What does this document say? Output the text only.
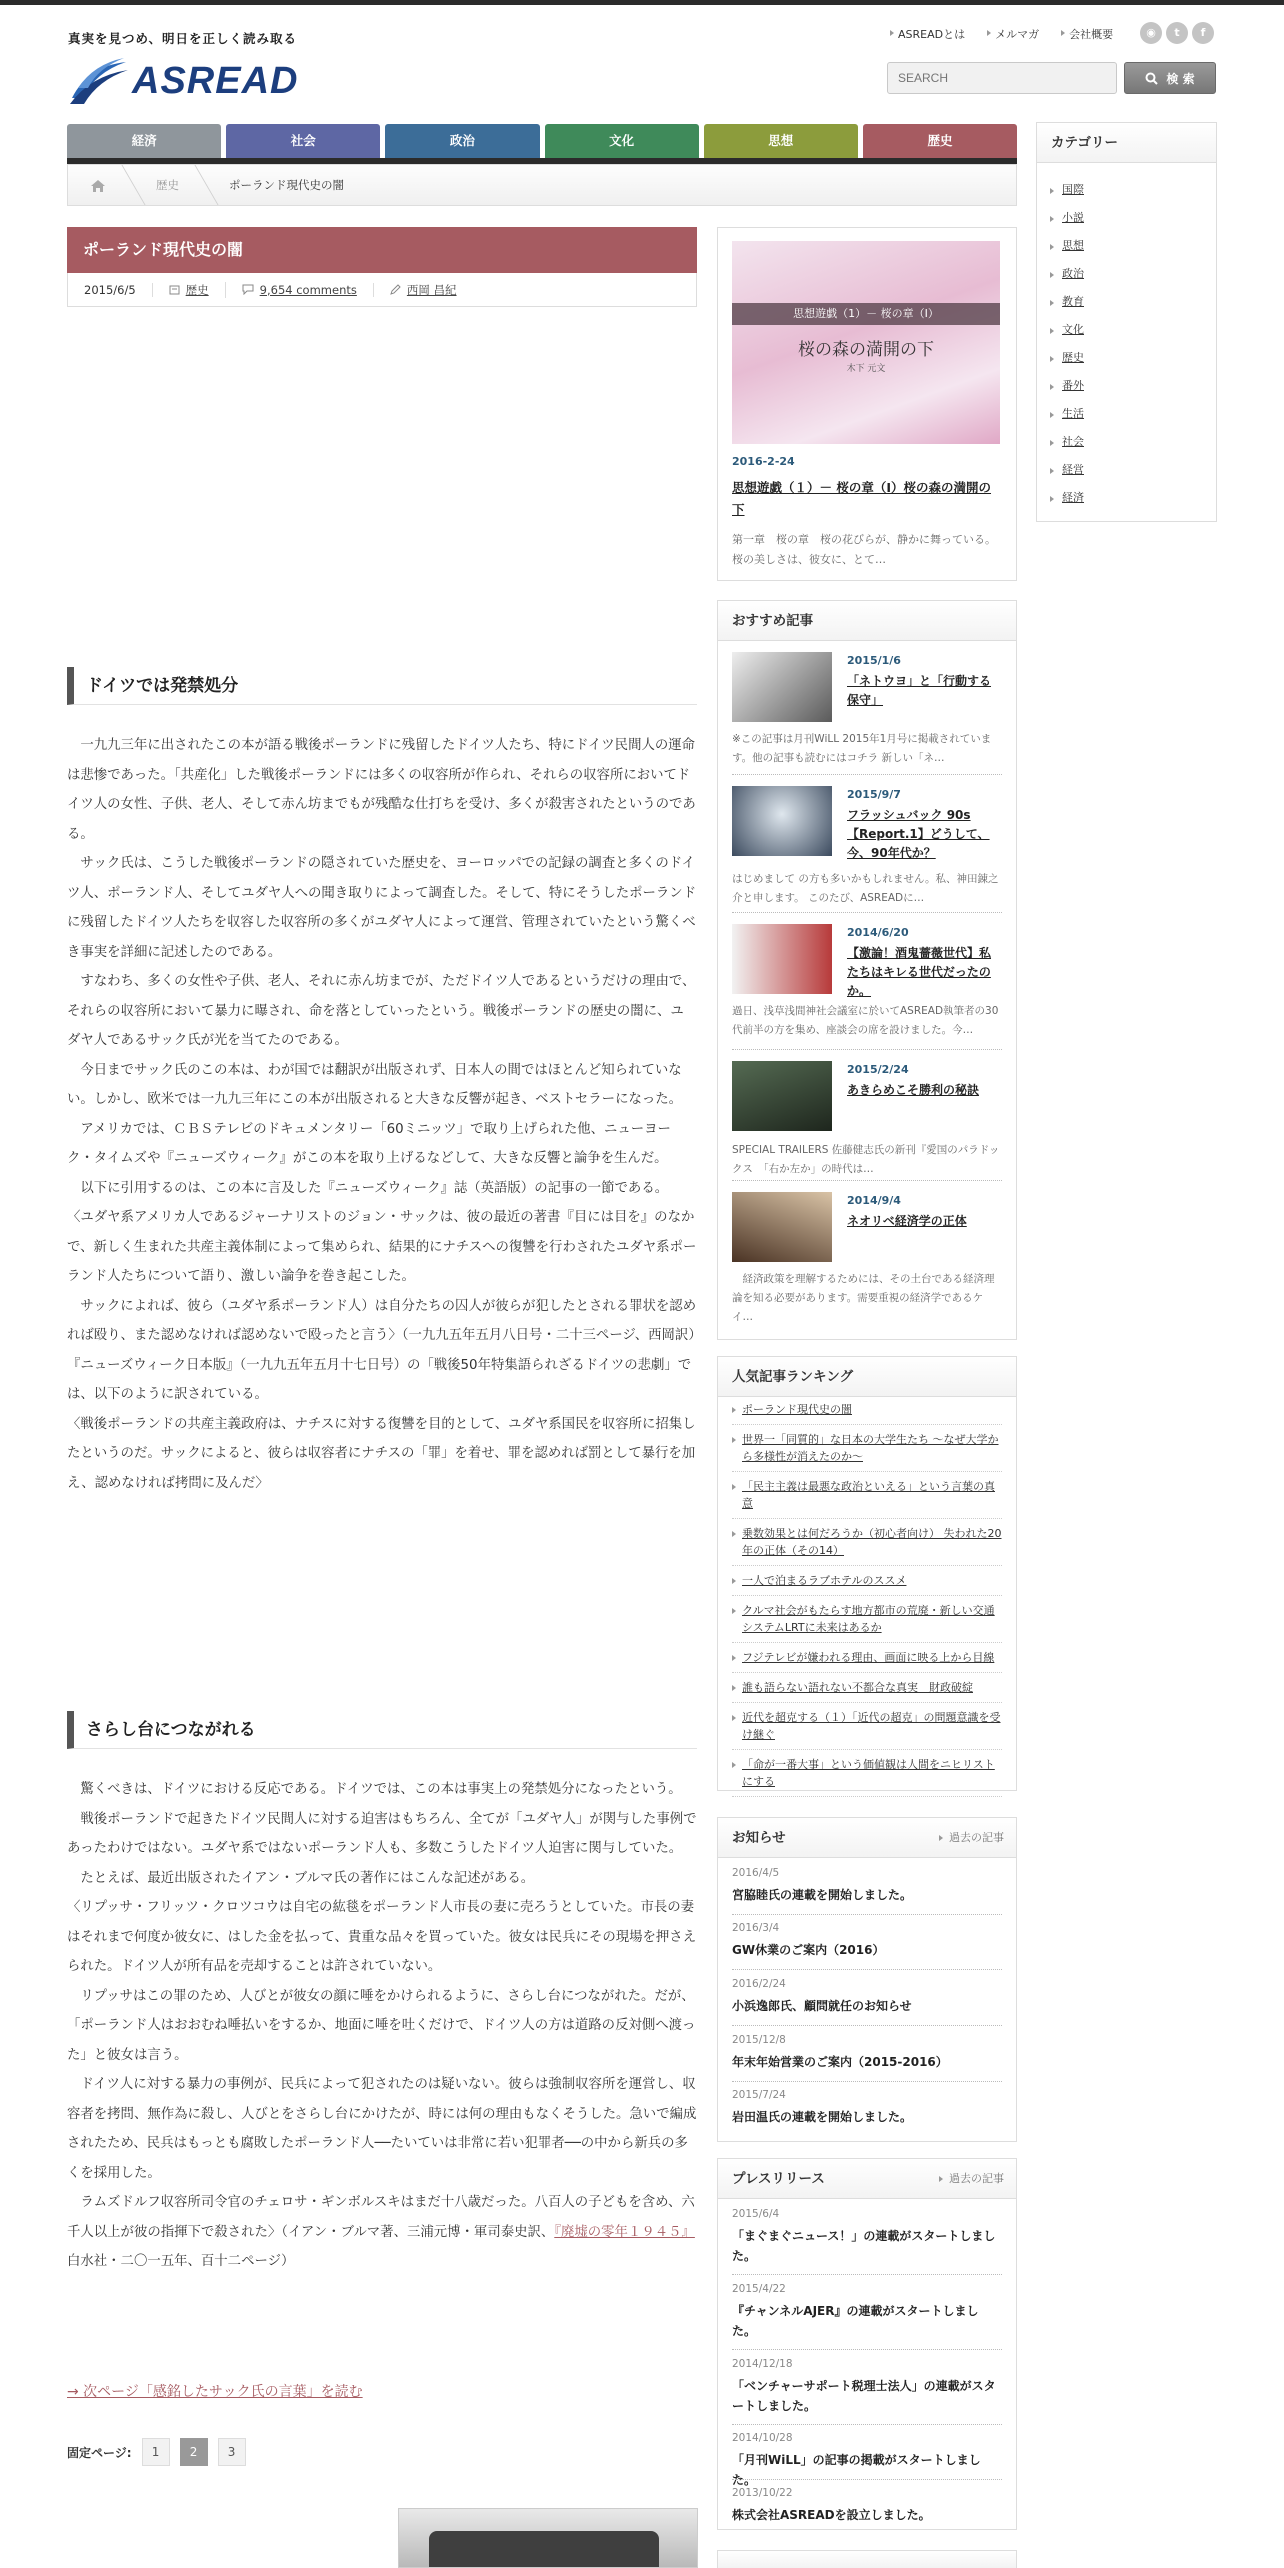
真実を見つめ、明日を正しく読み取る
ASREAD
ASREADとは	メルマガ	会社概要	◉	t	f
SEARCH
検 索
経済	社会	政治	文化	思想	歴史
歴史	ポーランド現代史の闇
ポーランド現代史の闇
2015/6/5	歴史	9,654 comments	西岡 昌紀
ドイツでは発禁処分

　一九九三年に出されたこの本が語る戦後ポーランドに残留したドイツ人たち、特にドイツ民間人の運命は悲惨であった。「共産化」した戦後ポーランドには多くの収容所が作られ、それらの収容所においてドイツ人の女性、子供、老人、そして赤ん坊までもが残酷な仕打ちを受け、多くが殺害されたというのである。

　サック氏は、こうした戦後ポーランドの隠されていた歴史を、ヨーロッパでの記録の調査と多くのドイツ人、ポーランド人、そしてユダヤ人への聞き取りによって調査した。そして、特にそうしたポーランドに残留したドイツ人たちを収容した収容所の多くがユダヤ人によって運営、管理されていたという驚くべき事実を詳細に記述したのである。

　すなわち、多くの女性や子供、老人、それに赤ん坊までが、ただドイツ人であるというだけの理由で、それらの収容所において暴力に曝され、命を落としていったという。戦後ポーランドの歴史の闇に、ユダヤ人であるサック氏が光を当てたのである。

　今日までサック氏のこの本は、わが国では翻訳が出版されず、日本人の間ではほとんど知られていない。しかし、欧米では一九九三年にこの本が出版されると大きな反響が起き、ベストセラーになった。

　アメリカでは、ＣＢＳテレビのドキュメンタリー「60ミニッツ」で取り上げられた他、ニューヨーク・タイムズや『ニューズウィーク』がこの本を取り上げるなどして、大きな反響と論争を生んだ。

　以下に引用するのは、この本に言及した『ニューズウィーク』誌（英語版）の記事の一節である。

〈ユダヤ系アメリカ人であるジャーナリストのジョン・サックは、彼の最近の著書『目には目を』のなかで、新しく生まれた共産主義体制によって集められ、結果的にナチスへの復讐を行わされたユダヤ系ポーランド人たちについて語り、激しい論争を巻き起こした。

　サックによれば、彼ら（ユダヤ系ポーランド人）は自分たちの囚人が彼らが犯したとされる罪状を認めれば殴り、また認めなければ認めないで殴ったと言う〉（一九九五年五月八日号・二十三ページ、西岡訳）

『ニューズウィーク日本版』（一九九五年五月十七日号）の「戦後50年特集語られざるドイツの悲劇」では、以下のように訳されている。

〈戦後ポーランドの共産主義政府は、ナチスに対する復讐を目的として、ユダヤ系国民を収容所に招集したというのだ。サックによると、彼らは収容者にナチスの「罪」を着せ、罪を認めれば罰として暴行を加え、認めなければ拷問に及んだ〉

さらし台につながれる

　驚くべきは、ドイツにおける反応である。ドイツでは、この本は事実上の発禁処分になったという。

　戦後ポーランドで起きたドイツ民間人に対する迫害はもちろん、全てが「ユダヤ人」が関与した事例であったわけではない。ユダヤ系ではないポーランド人も、多数こうしたドイツ人迫害に関与していた。

　たとえば、最近出版されたイアン・ブルマ氏の著作にはこんな記述がある。

〈リプッサ・フリッツ・クロツコウは自宅の紘毯をポーランド人市長の妻に売ろうとしていた。市長の妻はそれまで何度か彼女に、はした金を払って、貴重な品々を買っていた。彼女は民兵にその現場を押さえられた。ドイツ人が所有品を売却することは許されていない。

　リプッサはこの罪のため、人びとが彼女の顔に唾をかけられるように、さらし台につながれた。だが、「ポーランド人はおおむね唾払いをするか、地面に唾を吐くだけで、ドイツ人の方は道路の反対側へ渡った」と彼女は言う。

　ドイツ人に対する暴力の事例が、民兵によって犯されたのは疑いない。彼らは強制収容所を運営し、収容者を拷問、無作為に殺し、人びとをさらし台にかけたが、時には何の理由もなくそうした。急いで編成されたため、民兵はもっとも腐敗したポーランド人──たいていは非常に若い犯罪者──の中から新兵の多くを採用した。

　ラムズドルフ収容所司令官のチェロサ・ギンボルスキはまだ十八歳だった。八百人の子どもを含め、六千人以上が彼の指揮下で殺された〉（イアン・ブルマ著、三浦元博・軍司泰史訳、『廃墟の零年１９４５』白水社・二〇一五年、百十二ページ）

→ 次ページ「感銘したサック氏の言葉」を読む
固定ページ:	1	2	3
思想遊戯（1）－ 桜の章（Ⅰ）
桜の森の満開の下
木下 元文
2016-2-24
思想遊戯（１）－ 桜の章（Ⅰ）桜の森の満開の下
第一章　桜の章　桜の花びらが、静かに舞っている。　桜の美しさは、彼女に、とて…
おすすめ記事
2015/1/6
「ネトウヨ」と「行動する保守」
※この記事は月刊WiLL 2015年1月号に掲載されています。他の記事も読むにはコチラ 新しい「ネ…
2015/9/7
フラッシュバック 90s【Report.1】どうして、今、90年代か？
はじめまして の方も多いかもしれません。私、神田錬之介と申します。 このたび、ASREADに…
2014/6/20
【激論！酒鬼薔薇世代】私たちはキレる世代だったのか。
過日、浅草浅間神社会議室に於いてASREAD執筆者の30代前半の方を集め、座談会の席を設けました。今…
2015/2/24
あきらめこそ勝利の秘訣
SPECIAL TRAILERS 佐藤健志氏の新刊『愛国のパラドックス　「右か左か」の時代は…
2014/9/4
ネオリベ経済学の正体
　経済政策を理解するためには、その土台である経済理論を知る必要があります。需要重視の経済学であるケイ…
人気記事ランキング
ポーランド現代史の闇
世界一「同質的」な日本の大学生たち 〜なぜ大学から多様性が消えたのか〜
「民主主義は最悪な政治といえる」という言葉の真意
乗数効果とは何だろうか（初心者向け） 失われた20年の正体（その14）
一人で泊まるラブホテルのススメ
クルマ社会がもたらす地方都市の荒廃・新しい交通システムLRTに未来はあるか
フジテレビが嫌われる理由、画面に映る上から目線
誰も語らない語れない不都合な真実　財政破綻
近代を超克する（１）「近代の超克」の問題意識を受け継ぐ
「命が一番大事」という価値観は人間をニヒリストにする
お知らせ	過去の記事
2016/4/5
宮脇睦氏の連載を開始しました。
2016/3/4
GW休業のご案内（2016）
2016/2/24
小浜逸郎氏、顧問就任のお知らせ
2015/12/8
年末年始営業のご案内（2015-2016）
2015/7/24
岩田温氏の連載を開始しました。
プレスリリース	過去の記事
2015/6/4
「まぐまぐニュース！」の連載がスタートしました。
2015/4/22
『チャンネルAJER』の連載がスタートしました。
2014/12/18
「ベンチャーサポート税理士法人」の連載がスタートしました。
2014/10/28
「月刊WiLL」の記事の掲載がスタートしました。
2013/10/22
株式会社ASREADを設立しました。
カテゴリー
国際
小説
思想
政治
教育
文化
歴史
番外
生活
社会
経営
経済
